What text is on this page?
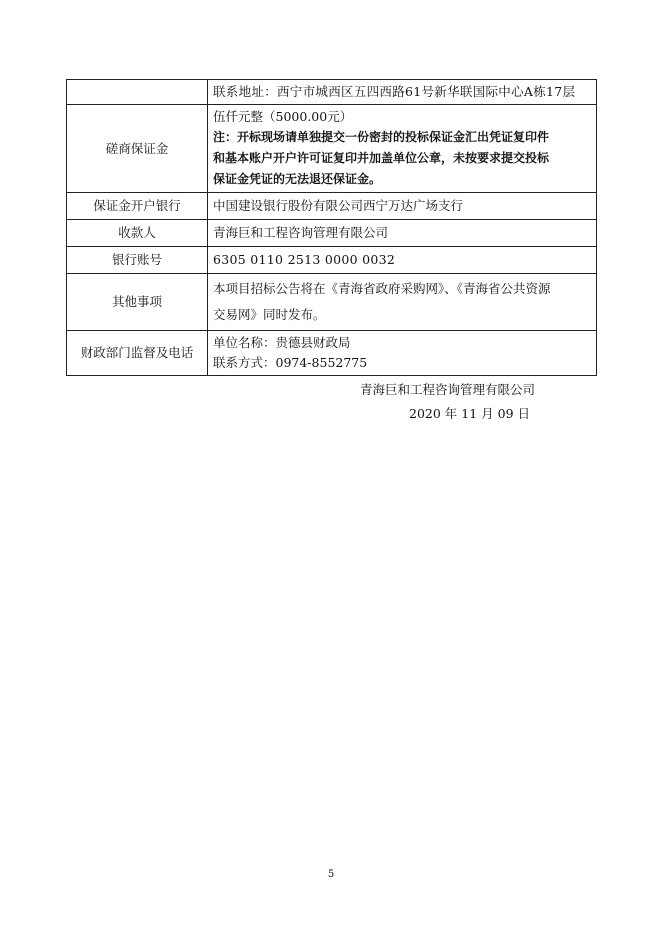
	联系地址：西宁市城西区五四西路61号新华联国际中心A栋17层
磋商保证金	伍仟元整（5000.00元）
注：开标现场请单独提交一份密封的投标保证金汇出凭证复印件
和基本账户开户许可证复印并加盖单位公章，未按要求提交投标
保证金凭证的无法退还保证金。

保证金开户银行	中国建设银行股份有限公司西宁万达广场支行
收款人	青海巨和工程咨询管理有限公司
银行账号	6305 0110 2513 0000 0032
其他事项	本项目招标公告将在《青海省政府采购网》、《青海省公共资源
交易网》同时发布。

财政部门监督及电话	单位名称：贵德县财政局
联系方式：0974-8552775
青海巨和工程咨询管理有限公司
2020 年 11 月 09 日
5
